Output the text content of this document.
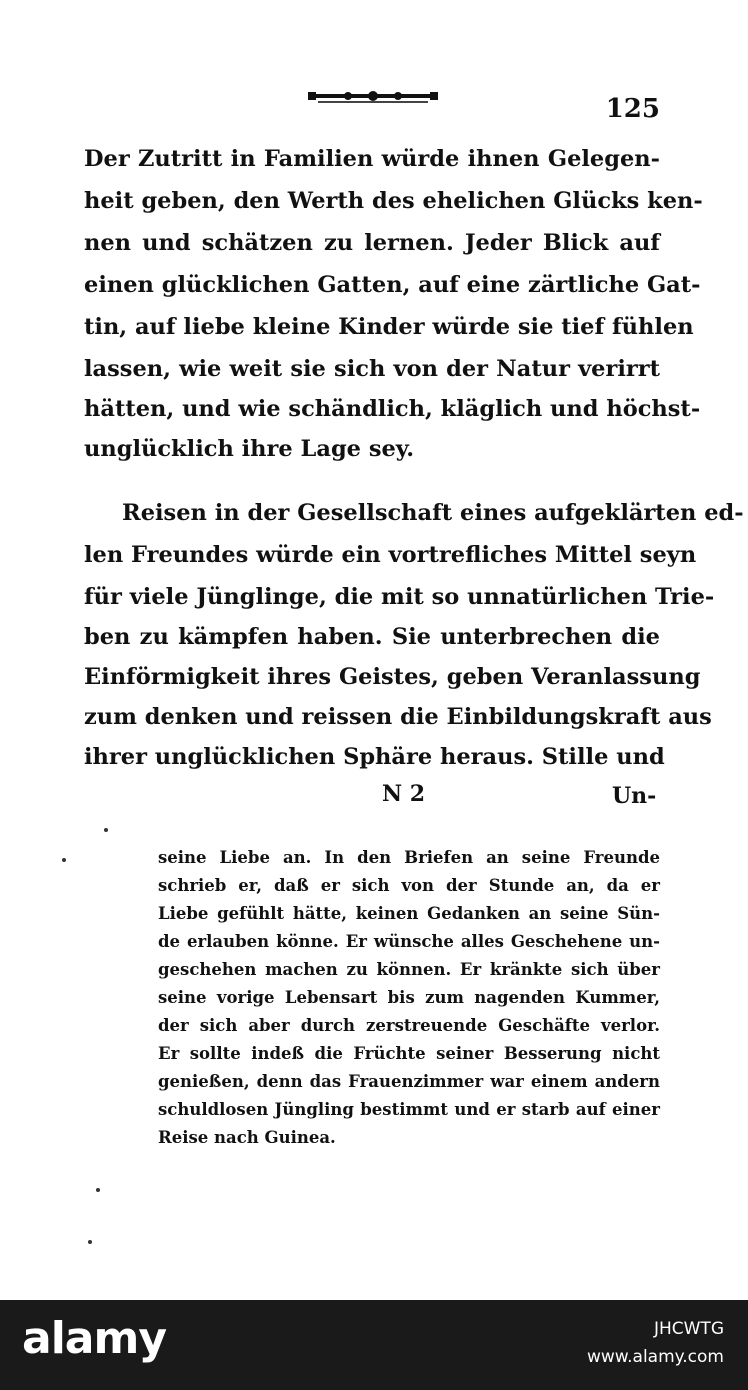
125
Der Zutritt in Familien würde ihnen Gelegen-
heit geben, den Werth des ehelichen Glücks ken-
nen und schätzen zu lernen. Jeder Blick auf
einen glücklichen Gatten, auf eine zärtliche Gat-
tin, auf liebe kleine Kinder würde sie tief fühlen
lassen, wie weit sie sich von der Natur verirrt
hätten, und wie schändlich, kläglich und höchst-
unglücklich ihre Lage sey.
Reisen in der Gesellschaft eines aufgeklärten ed-
len Freundes würde ein vortrefliches Mittel seyn
für viele Jünglinge, die mit so unnatürlichen Trie-
ben zu kämpfen haben. Sie unterbrechen die
Einförmigkeit ihres Geistes, geben Veranlassung
zum denken und reissen die Einbildungskraft aus
ihrer unglücklichen Sphäre heraus. Stille und
N 2	Un-
seine Liebe an. In den Briefen an seine Freunde
schrieb er, daß er sich von der Stunde an, da er
Liebe gefühlt hätte, keinen Gedanken an seine Sün-
de erlauben könne. Er wünsche alles Geschehene un-
geschehen machen zu können. Er kränkte sich über
seine vorige Lebensart bis zum nagenden Kummer,
der sich aber durch zerstreuende Geschäfte verlor.
Er sollte indeß die Früchte seiner Besserung nicht
genießen, denn das Frauenzimmer war einem andern
schuldlosen Jüngling bestimmt und er starb auf einer
Reise nach Guinea.
alamy	JHCWTG
www.alamy.com
